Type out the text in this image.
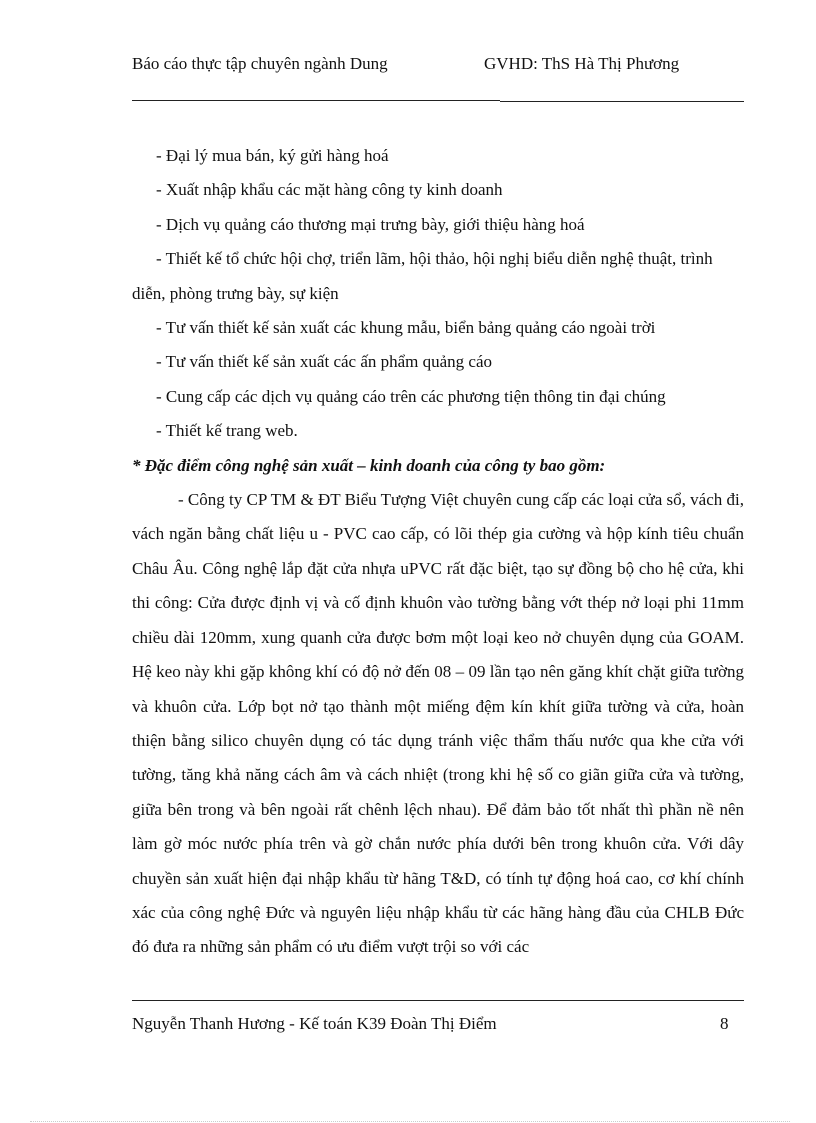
Báo cáo thực tập chuyên ngành Dung	GVHD: ThS Hà Thị Phương
- Đại lý mua bán, ký gửi hàng hoá
- Xuất nhập khẩu các mặt hàng công ty kinh doanh
- Dịch vụ quảng cáo thương mại trưng bày, giới thiệu hàng hoá
- Thiết kế tổ chức hội chợ, triển lãm, hội thảo, hội nghị biểu diễn nghệ thuật, trình diễn, phòng trưng bày, sự kiện
- Tư vấn thiết kế sản xuất các khung mẫu, biển bảng quảng cáo ngoài trời
- Tư vấn thiết kế sản xuất các ấn phẩm quảng cáo
- Cung cấp các dịch vụ quảng cáo trên các phương tiện thông tin đại chúng
- Thiết kế trang web.

* Đặc điểm công nghệ sản xuất – kinh doanh của công ty bao gồm:

- Công ty CP TM & ĐT Biểu Tượng Việt chuyên cung cấp các loại cửa sổ, vách đi, vách ngăn bằng chất liệu u - PVC cao cấp, có lõi thép gia cường và hộp kính tiêu chuẩn Châu Âu. Công nghệ lắp đặt cửa nhựa uPVC rất đặc biệt, tạo sự đồng bộ cho hệ cửa, khi thi công: Cửa được định vị và cố định khuôn vào tường bằng vớt thép nở loại phi 11mm chiều dài 120mm, xung quanh cửa được bơm một loại keo nở chuyên dụng của GOAM. Hệ keo này khi gặp không khí có độ nở đến 08 – 09 lần tạo nên găng khít chặt giữa tường và khuôn cửa. Lớp bọt nở tạo thành một miếng đệm kín khít giữa tường và cửa, hoàn thiện bằng silico chuyên dụng có tác dụng tránh việc thẩm thấu nước qua khe cửa với tường, tăng khả năng cách âm và cách nhiệt (trong khi hệ số co giãn giữa cửa và tường, giữa bên trong và bên ngoài rất chênh lệch nhau). Để đảm bảo tốt nhất thì phần nề nên làm gờ móc nước phía trên và gờ chắn nước phía dưới bên trong khuôn cửa. Với dây chuyền sản xuất hiện đại nhập khẩu từ hãng T&D, có tính tự động hoá cao, cơ khí chính xác của công nghệ Đức và nguyên liệu nhập khẩu từ các hãng hàng đầu của CHLB Đức đó đưa ra những sản phẩm có ưu điểm vượt trội so với các

Nguyễn Thanh Hương - Kế toán K39 Đoàn Thị Điểm	8
